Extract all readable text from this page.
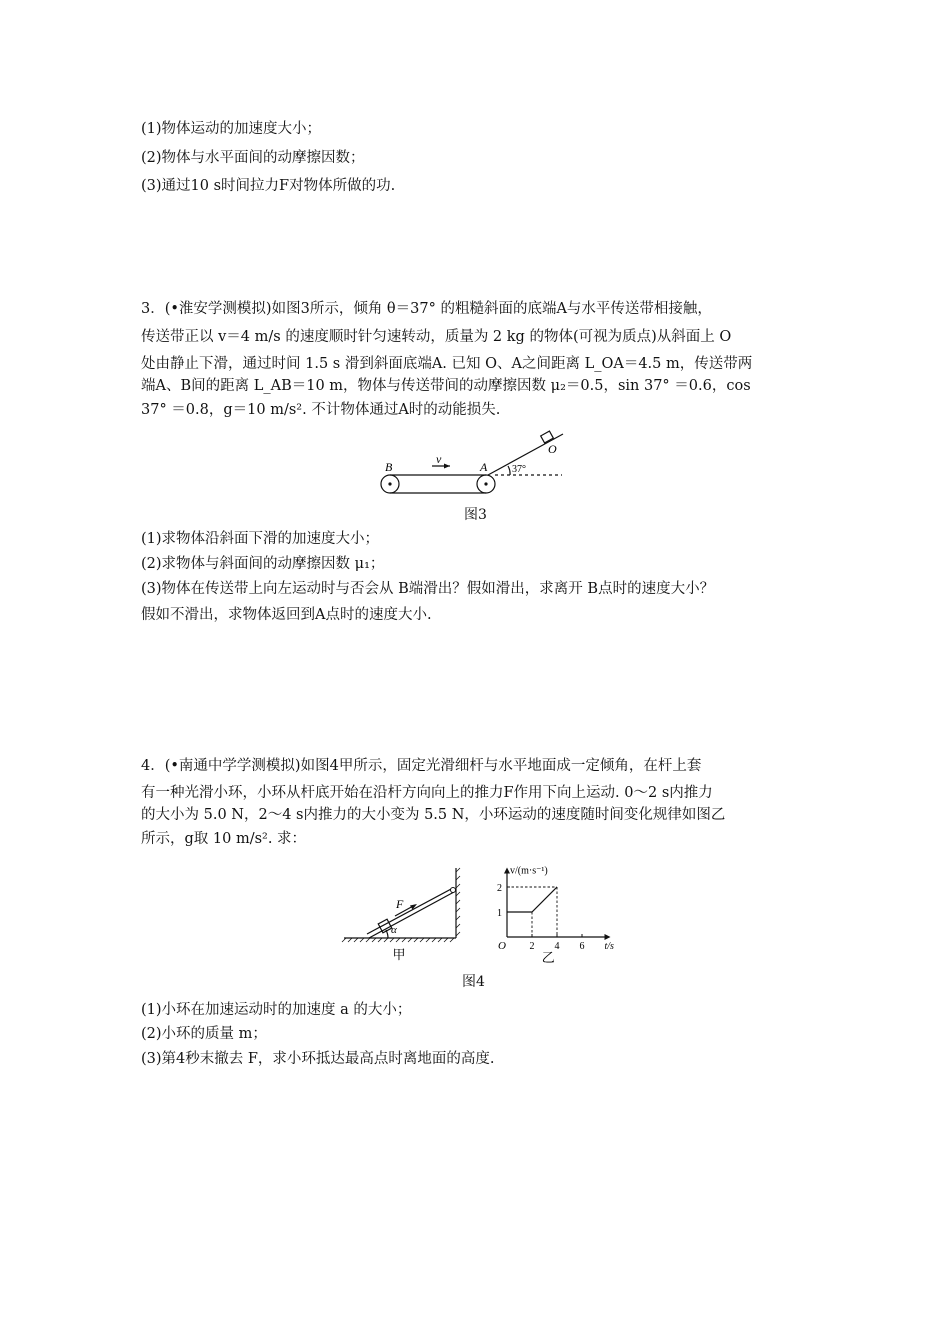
(1)物体运动的加速度大小；
(2)物体与水平面间的动摩擦因数；
(3)通过10 s时间拉力F对物体所做的功.
3．(•淮安学测模拟)如图3所示，倾角 θ＝37° 的粗糙斜面的底端A与水平传送带相接触，
传送带正以 v＝4 m/s 的速度顺时针匀速转动，质量为 2 kg 的物体(可视为质点)从斜面上 O
处由静止下滑，通过时间 1.5 s 滑到斜面底端A. 已知 O、A之间距离 L_OA＝4.5 m，传送带两
端A、B间的距离 L_AB＝10 m，物体与传送带间的动摩擦因数 μ₂＝0.5，sin 37° ＝0.6，cos
37° ＝0.8，g＝10 m/s². 不计物体通过A时的动能损失.
B
v
A 37°
O
图3
(1)求物体沿斜面下滑的加速度大小；
(2)求物体与斜面间的动摩擦因数 μ₁；
(3)物体在传送带上向左运动时与否会从 B端滑出？假如滑出，求离开 B点时的速度大小？
假如不滑出，求物体返回到A点时的速度大小.
4．(•南通中学学测模拟)如图4甲所示，固定光滑细杆与水平地面成一定倾角，在杆上套
有一种光滑小环，小环从杆底开始在沿杆方向向上的推力F作用下向上运动. 0～2 s内推力
的大小为 5.0 N，2～4 s内推力的大小变为 5.5 N，小环运动的速度随时间变化规律如图乙
所示，g取 10 m/s². 求：
F
α
甲
2 4 6
1
2
v/(m·s⁻¹)
t/s
O
乙
图4
(1)小环在加速运动时的加速度 a 的大小；
(2)小环的质量 m；
(3)第4秒末撤去 F，求小环抵达最高点时离地面的高度.
